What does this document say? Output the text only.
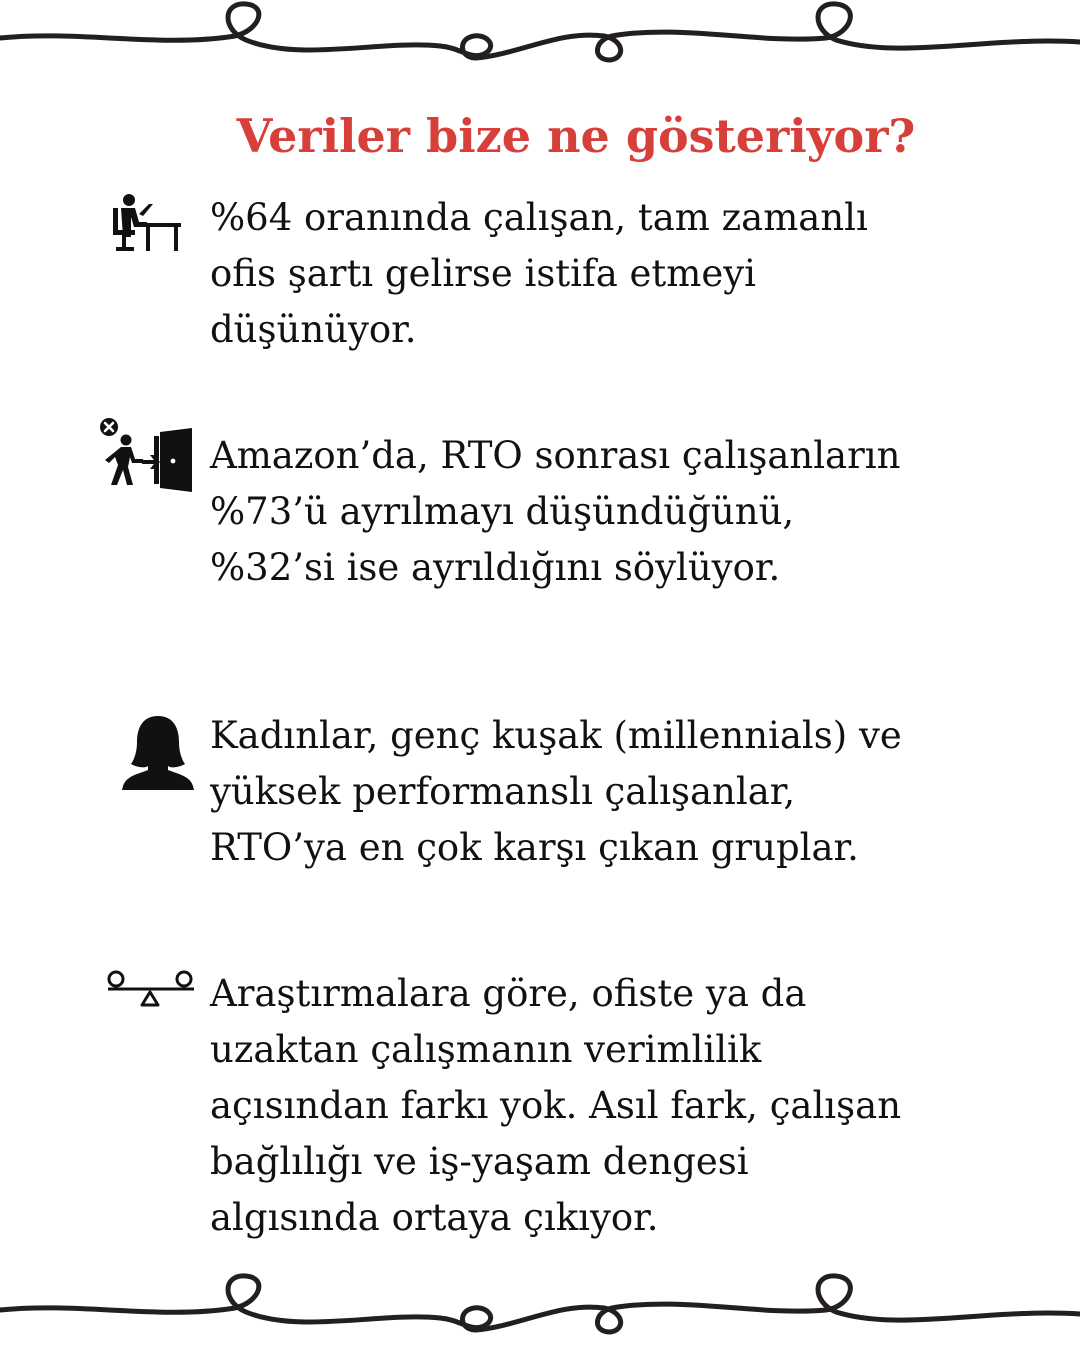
Veriler bize ne gösteriyor?

%64 oranında çalışan, tam zamanlı
ofis şartı gelirse istifa etmeyi
düşünüyor.

Amazon’da, RTO sonrası çalışanların
%73’ü ayrılmayı düşündüğünü,
%32’si ise ayrıldığını söylüyor.

Kadınlar, genç kuşak (millennials) ve
yüksek performanslı çalışanlar,
RTO’ya en çok karşı çıkan gruplar.

Araştırmalara göre, ofiste ya da
uzaktan çalışmanın verimlilik
açısından farkı yok. Asıl fark, çalışan
bağlılığı ve iş-yaşam dengesi
algısında ortaya çıkıyor.
